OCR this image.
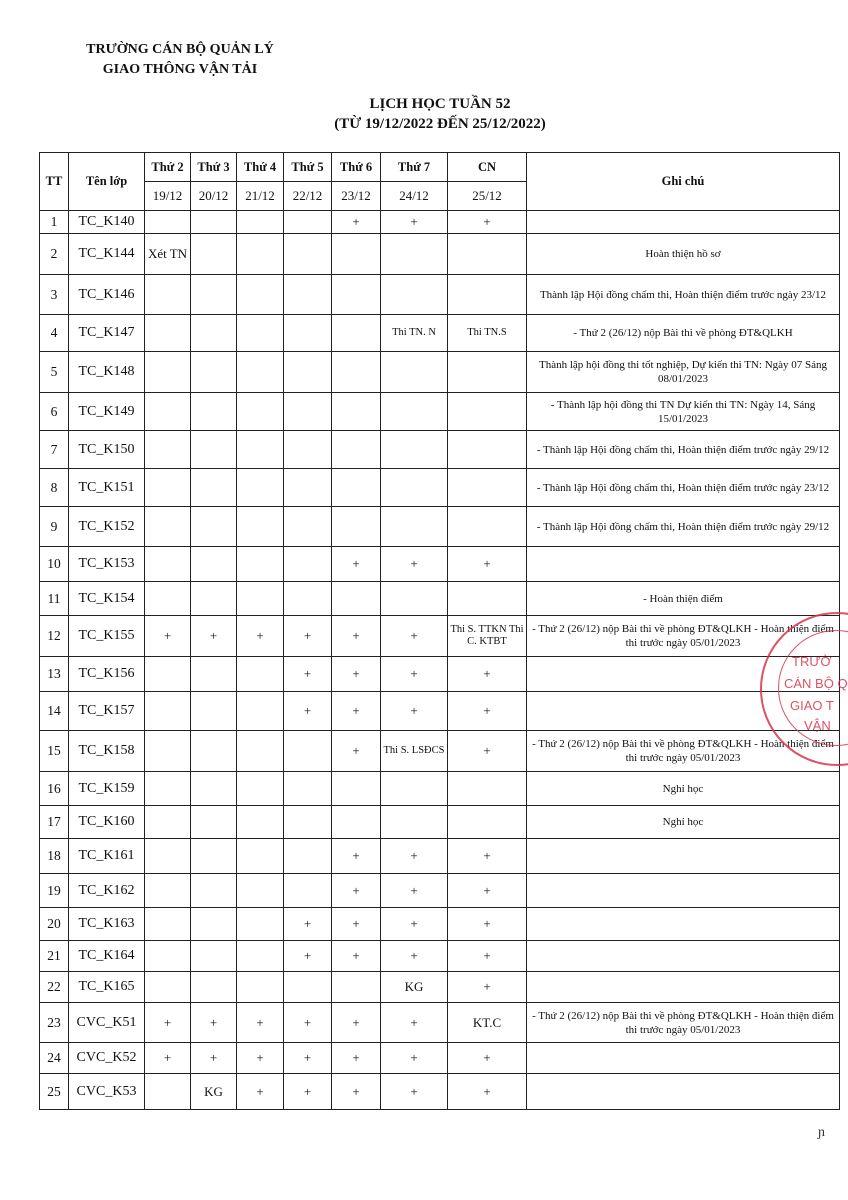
TRƯỜNG CÁN BỘ QUẢN LÝ
GIAO THÔNG VẬN TẢI
LỊCH HỌC TUẦN 52
(TỪ 19/12/2022 ĐẾN 25/12/2022)
TT	Tên lớp	Thứ 2	Thứ 3	Thứ 4	Thứ 5	Thứ 6	Thứ 7	CN	Ghi chú
		19/12	20/12	21/12	22/12	23/12	24/12	25/12	
1	TC_K140					+	+	+	
2	TC_K144	Xét TN							Hoàn thiện hồ sơ
3	TC_K146								Thành lập Hội đồng chấm thi, Hoàn thiện điểm trước ngày 23/12
4	TC_K147						Thi TN. N	Thi TN.S	- Thứ 2 (26/12) nộp Bài thi về phòng ĐT&QLKH
5	TC_K148								Thành lập hội đồng thi tốt nghiệp, Dự kiến thi TN: Ngày 07 Sáng 08/01/2023
6	TC_K149								- Thành lập hội đồng thi TN Dự kiến thi TN: Ngày 14, Sáng 15/01/2023
7	TC_K150								- Thành lập Hội đồng chấm thi, Hoàn thiện điểm trước ngày 29/12
8	TC_K151								- Thành lập Hội đồng chấm thi, Hoàn thiện điểm trước ngày 23/12
9	TC_K152								- Thành lập Hội đồng chấm thi, Hoàn thiện điểm trước ngày 29/12
10	TC_K153					+	+	+	
11	TC_K154								- Hoàn thiện điểm
12	TC_K155	+	+	+	+	+	+	Thi S. TTKN Thi C. KTBT	- Thứ 2 (26/12) nộp Bài thi về phòng ĐT&QLKH - Hoàn thiện điểm thi trước ngày 05/01/2023
13	TC_K156				+	+	+	+	
14	TC_K157				+	+	+	+	
15	TC_K158					+	Thi S. LSĐCS	+	- Thứ 2 (26/12) nộp Bài thi về phòng ĐT&QLKH - Hoàn thiện điểm thi trước ngày 05/01/2023
16	TC_K159								Nghỉ học
17	TC_K160								Nghỉ học
18	TC_K161					+	+	+	
19	TC_K162					+	+	+	
20	TC_K163				+	+	+	+	
21	TC_K164				+	+	+	+	
22	TC_K165						KG	+	
23	CVC_K51	+	+	+	+	+	+	KT.C	- Thứ 2 (26/12) nộp Bài thi về phòng ĐT&QLKH - Hoàn thiện điểm thi trước ngày 05/01/2023
24	CVC_K52	+	+	+	+	+	+	+	
25	CVC_K53		KG	+	+	+	+	+	
TRƯỜ
CÁN BỘ Q
GIAO T
VẬN
ɲ
